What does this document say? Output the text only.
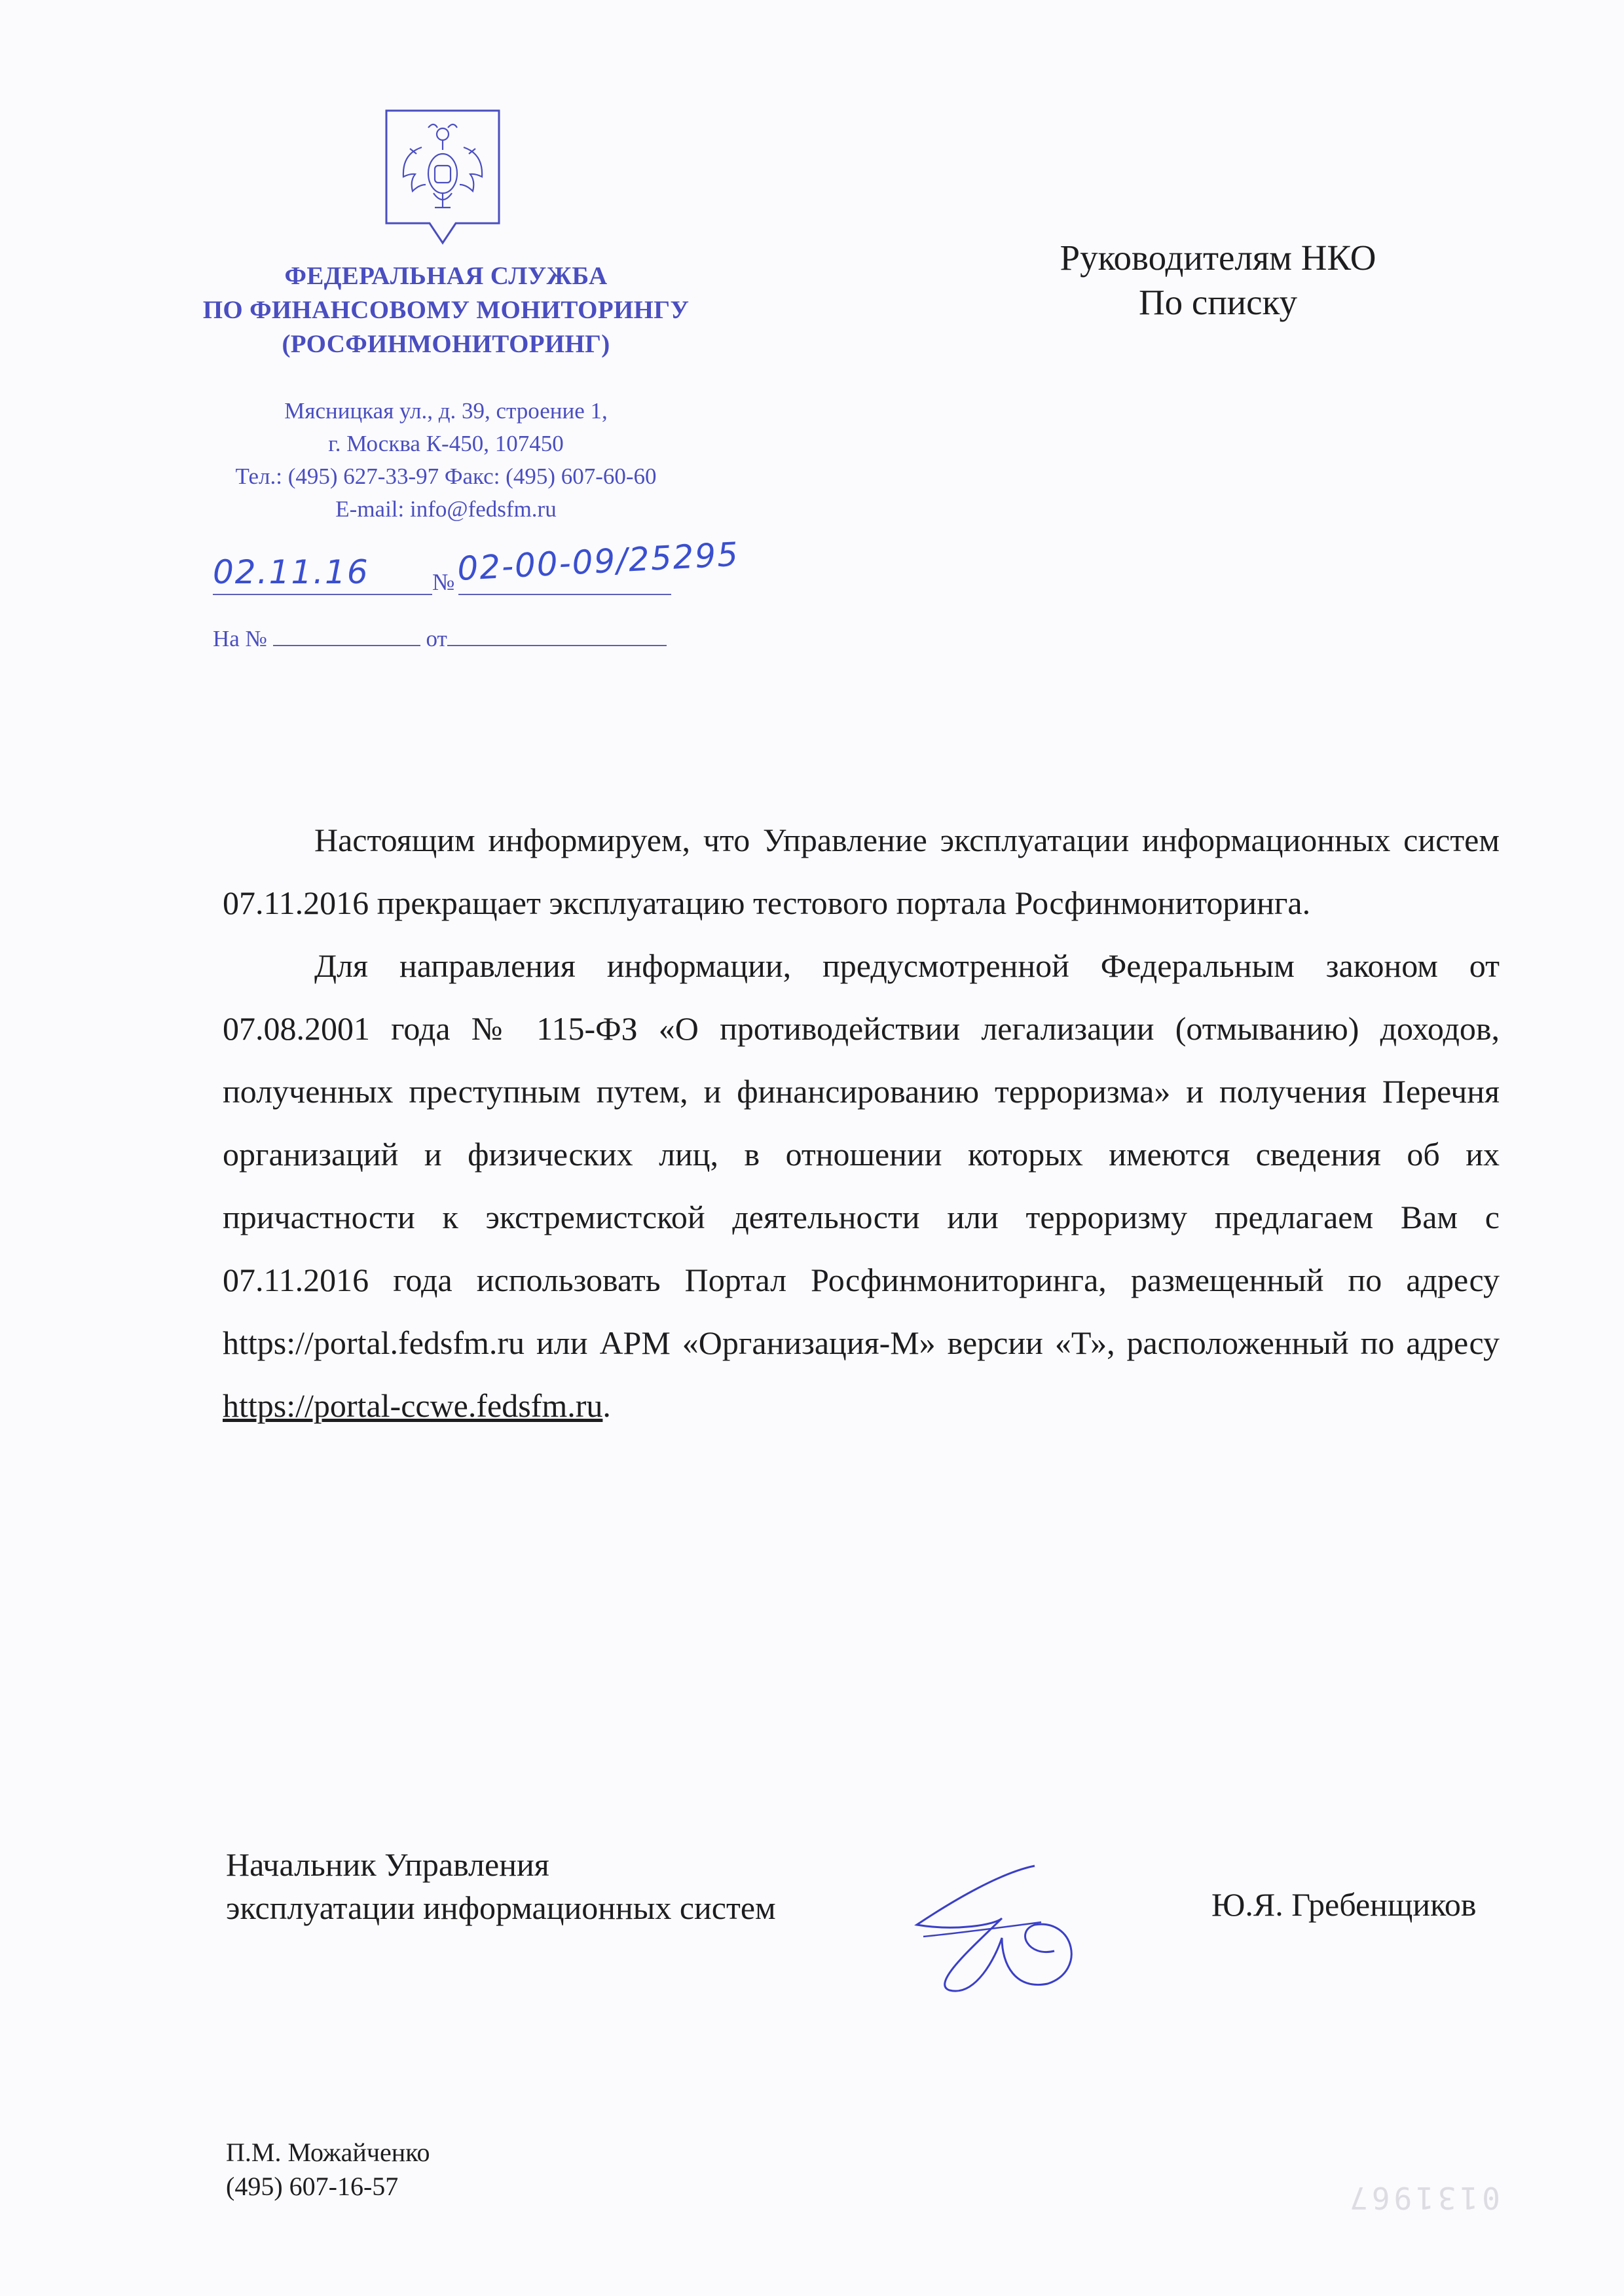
ФЕДЕРАЛЬНАЯ СЛУЖБА
ПО ФИНАНСОВОМУ МОНИТОРИНГУ
(РОСФИНМОНИТОРИНГ)
Мясницкая ул., д. 39, строение 1,
г. Москва К-450, 107450
Тел.: (495) 627-33-97 Факс: (495) 607-60-60
E-mail: info@fedsfm.ru
02.11.16	№ 02-00-09/25295
На №	от
Руководителям НКО
По списку

Настоящим информируем, что Управление эксплуатации информационных систем 07.11.2016 прекращает эксплуатацию тестового портала Росфинмониторинга.

Для направления информации, предусмотренной Федеральным законом от 07.08.2001 года № 115-ФЗ «О противодействии легализации (отмыванию) доходов, полученных преступным путем, и финансированию терроризма» и получения Перечня организаций и физических лиц, в отношении которых имеются сведения об их причастности к экстремистской деятельности или терроризму предлагаем Вам с 07.11.2016 года использовать Портал Росфинмониторинга, размещенный по адресу https://portal.fedsfm.ru или АРМ «Организация-М» версии «Т», расположенный по адресу https://portal-ccwe.fedsfm.ru.

Начальник Управления
эксплуатации информационных систем	Ю.Я. Гребенщиков
П.М. Можайченко
(495) 607-16-57	0131967
